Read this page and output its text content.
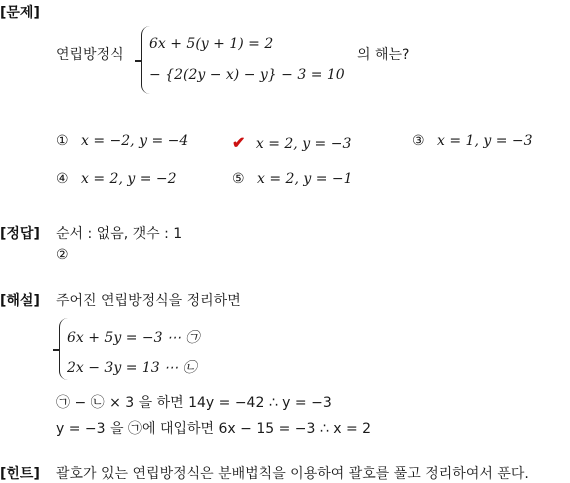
[문제]
연립방정식
6x + 5(y + 1) = 2
− {2(2y − x) − y} − 3 = 10
의 해는?
① x = −2, y = −4	✔ x = 2, y = −3	③ x = 1, y = −3
④ x = 2, y = −2	⑤ x = 2, y = −1
[정답] 순서 : 없음, 갯수 : 1
②
[해설] 주어진 연립방정식을 정리하면
6x + 5y = −3 ⋯ ㉠
2x − 3y = 13 ⋯ ㉡
㉠ − ㉡ × 3 을 하면 14y = −42 ∴ y = −3
y = −3 을 ㉠에 대입하면 6x − 15 = −3 ∴ x = 2
[힌트] 괄호가 있는 연립방정식은 분배법칙을 이용하여 괄호를 풀고 정리하여서 푼다.
